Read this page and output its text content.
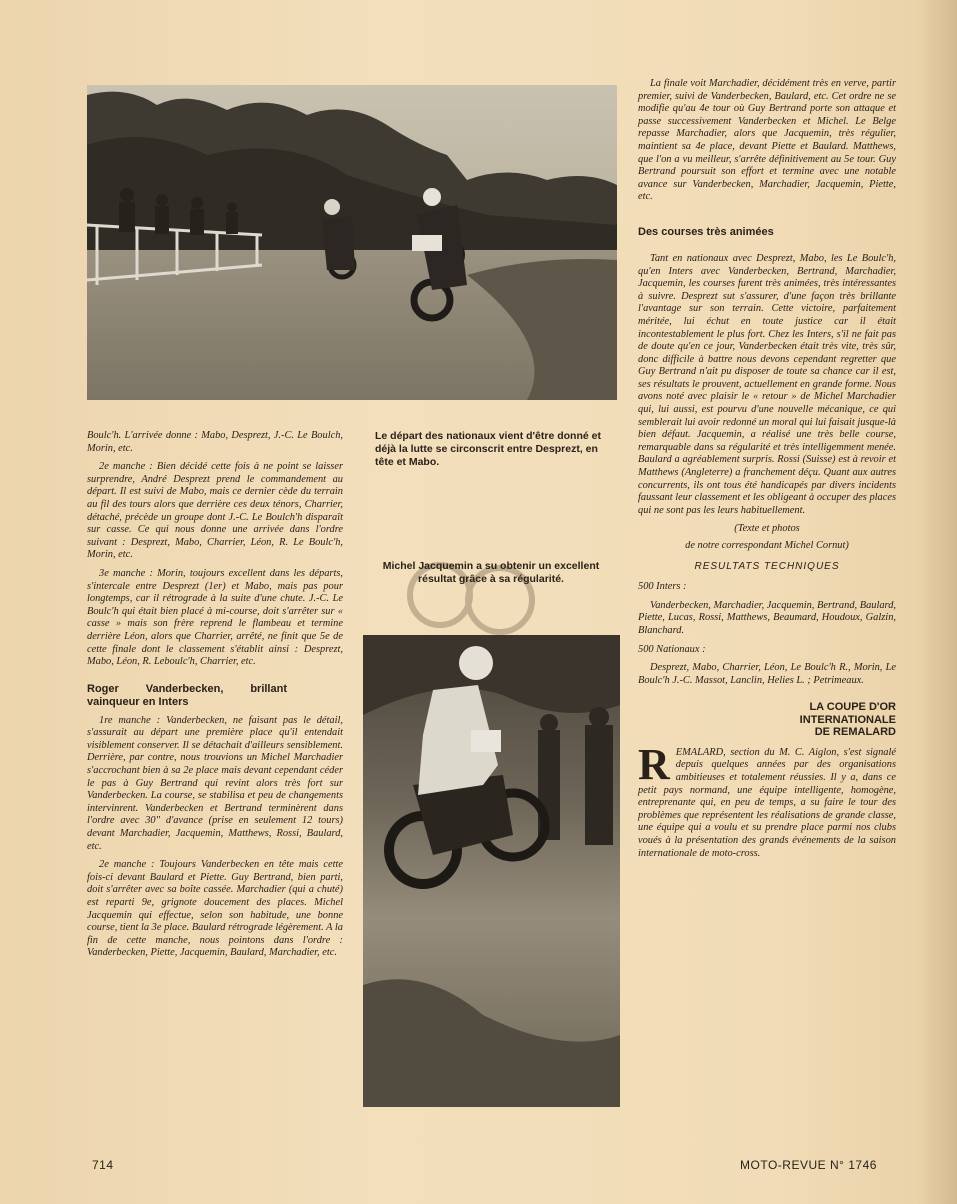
Boulc'h. L'arrivée donne : Mabo, Desprezt, J.-C. Le Boulch, Morin, etc.

2e manche : Bien décidé cette fois à ne point se laisser surprendre, André Desprezt prend le commandement au départ. Il est suivi de Mabo, mais ce dernier cède du terrain au fil des tours alors que derrière ces deux ténors, Charrier, détaché, précède un groupe dont J.-C. Le Boulch'h disparaît sur casse. Ce qui nous donne une arrivée dans l'ordre suivant : Desprezt, Mabo, Charrier, Léon, R. Le Boulc'h, Morin, etc.

3e manche : Morin, toujours excellent dans les départs, s'intercale entre Desprezt (1er) et Mabo, mais pas pour longtemps, car il rétrograde à la suite d'une chute. J.-C. Le Boulc'h qui était bien placé à mi-course, doit s'arrêter sur « casse » mais son frère reprend le flambeau et termine derrière Léon, alors que Charrier, arrêté, ne finit que 5e de cette finale dont le classement s'établit ainsi : Desprezt, Mabo, Léon, R. Leboulc'h, Charrier, etc.

Roger Vanderbecken, brillant vainqueur en Inters

1re manche : Vanderbecken, ne faisant pas le détail, s'assurait au départ une première place qu'il entendait visiblement conserver. Il se détachait d'ailleurs sensiblement. Derrière, par contre, nous trouvions un Michel Marchadier s'accrochant bien à sa 2e place mais devant cependant céder le pas à Guy Bertrand qui revint alors très fort sur Vanderbecken. La course, se stabilisa et peu de changements intervinrent. Vanderbecken et Bertrand terminèrent dans l'ordre avec 30" d'avance (prise en seulement 12 tours) devant Marchadier, Jacquemin, Matthews, Rossi, Baulard, etc.

2e manche : Toujours Vanderbecken en tête mais cette fois-ci devant Baulard et Piette. Guy Bertrand, bien parti, doit s'arrêter avec sa boîte cassée. Marchadier (qui a chuté) est reparti 9e, grignote doucement des places. Michel Jacquemin qui effectue, selon son habitude, une bonne course, tient la 3e place. Baulard rétrograde légèrement. A la fin de cette manche, nous pointons dans l'ordre : Vanderbecken, Piette, Jacquemin, Baulard, Marchadier, etc.

Le départ des nationaux vient d'être donné et déjà la lutte se circonscrit entre Desprezt, en tête et Mabo.
Michel Jacquemin a su obtenir un excellent résultat grâce à sa régularité.

La finale voit Marchadier, décidément très en verve, partir premier, suivi de Vanderbecken, Baulard, etc. Cet ordre ne se modifie qu'au 4e tour où Guy Bertrand porte son attaque et passe successivement Vanderbecken et Michel. Le Belge repasse Marchadier, alors que Jacquemin, très régulier, maintient sa 4e place, devant Piette et Baulard. Matthews, que l'on a vu meilleur, s'arrête définitivement au 5e tour. Guy Bertrand poursuit son effort et termine avec une notable avance sur Vanderbecken, Marchadier, Jacquemin, Piette, etc.

Des courses très animées

Tant en nationaux avec Desprezt, Mabo, les Le Boulc'h, qu'en Inters avec Vanderbecken, Bertrand, Marchadier, Jacquemin, les courses furent très animées, très intéressantes à suivre. Desprezt sut s'assurer, d'une façon très brillante l'avantage sur son terrain. Cette victoire, parfaitement méritée, lui échut en toute justice car il était incontestablement le plus fort. Chez les Inters, s'il ne fait pas de doute qu'en ce jour, Vanderbecken était très vite, très sûr, donc difficile à battre nous devons cependant regretter que Guy Bertrand n'ait pu disposer de toute sa chance car il est, ses résultats le prouvent, actuellement en grande forme. Nous avons noté avec plaisir le « retour » de Michel Marchadier qui, lui aussi, est pourvu d'une nouvelle mécanique, ce qui semblerait lui avoir redonné un moral qui lui faisait jusque-là bien défaut. Jacquemin, a réalisé une très belle course, remarquable dans sa régularité et très intelligemment menée. Baulard a agréablement surpris. Rossi (Suisse) est à revoir et Matthews (Angleterre) a franchement déçu. Quant aux autres concurrents, ils ont tous été handicapés par divers incidents faussant leur classement et les obligeant à occuper des places qui ne sont pas les leurs habituellement.

(Texte et photos
de notre correspondant Michel Cornut)
RESULTATS TECHNIQUES

500 Inters :

Vanderbecken, Marchadier, Jacquemin, Bertrand, Baulard, Piette, Lucas, Rossi, Matthews, Beaumard, Houdoux, Galzin, Blanchard.

500 Nationaux :

Desprezt, Mabo, Charrier, Léon, Le Boulc'h R., Morin, Le Boulc'h J.-C. Massot, Lanclin, Helies L. ; Petrimeaux.

LA COUPE D'OR
INTERNATIONALE
DE REMALARD

REMALARD, section du M. C. Aiglon, s'est signalé depuis quelques années par des organisations ambitieuses et totalement réussies. Il y a, dans ce petit pays normand, une équipe intelligente, homogène, entreprenante qui, en peu de temps, a su faire le tour des problèmes que représentent les réalisations de grande classe, une équipe qui a voulu et su prendre place parmi nos clubs voués à la présentation des grands événements de la saison internationale de moto-cross.

714	MOTO-REVUE N° 1746
